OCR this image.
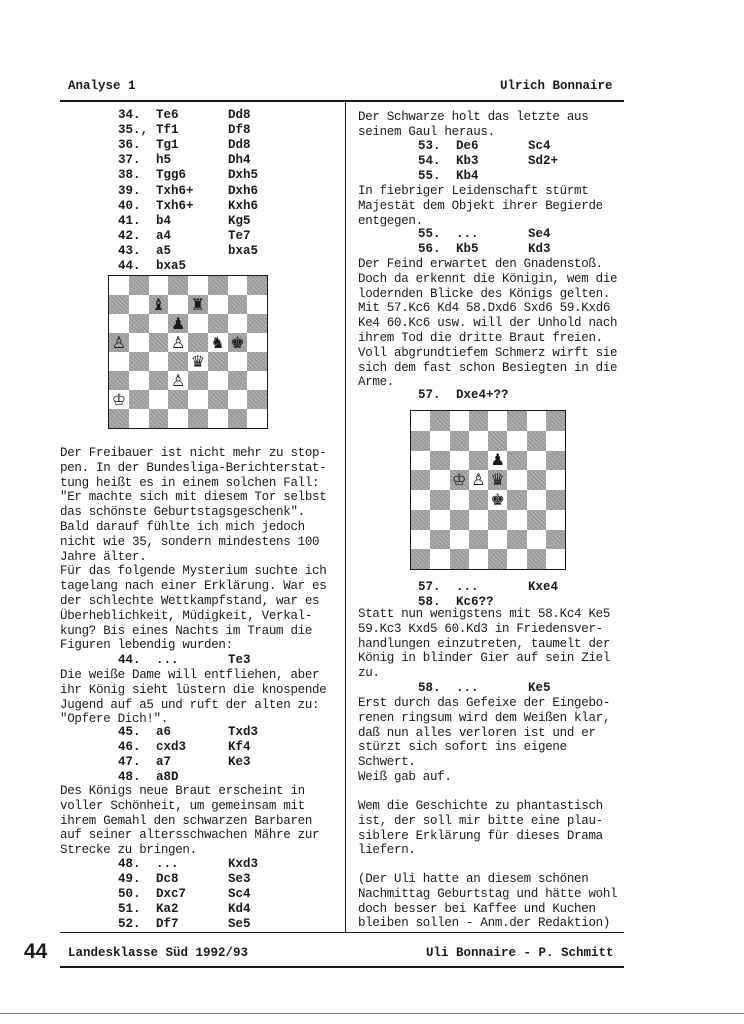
Analyse 1	Ulrich Bonnaire
34. Te6	Dd8
35., Tf1	Df8
36. Tg1	Dd8
37. h5	Dh4
38. Tgg6	Dxh5
39. Txh6+	Dxh6
40. Txh6+	Kxh6
41. b4	Kg5
42. a4	Te7
43. a5	bxa5
44. bxa5
♝ ♜
♟
♙	♙ ♞ ♚
♛
♙
♔
Der Freibauer ist nicht mehr zu stop-
pen. In der Bundesliga-Berichterstat-
tung heißt es in einem solchen Fall:
"Er machte sich mit diesem Tor selbst
das schönste Geburtstagsgeschenk".
Bald darauf fühlte ich mich jedoch
nicht wie 35, sondern mindestens 100
Jahre älter.
Für das folgende Mysterium suchte ich
tagelang nach einer Erklärung. War es
der schlechte Wettkampfstand, war es
Überheblichkeit, Müdigkeit, Verkal-
kung? Bis eines Nachts im Traum die
Figuren lebendig wurden:
44. ...	Te3
Die weiße Dame will entfliehen, aber
ihr König sieht lüstern die knospende
Jugend auf a5 und ruft der alten zu:
"Opfere Dich!".
45. a6	Txd3
46. cxd3	Kf4
47. a7	Ke3
48. a8D
Des Königs neue Braut erscheint in
voller Schönheit, um gemeinsam mit
ihrem Gemahl den schwarzen Barbaren
auf seiner altersschwachen Mähre zur
Strecke zu bringen.
48. ...	Kxd3
49. Dc8	Se3
50. Dxc7	Sc4
51. Ka2	Kd4
52. Df7	Se5
Der Schwarze holt das letzte aus
seinem Gaul heraus.
53. De6	Sc4
54. Kb3	Sd2+
55. Kb4
In fiebriger Leidenschaft stürmt
Majestät dem Objekt ihrer Begierde
entgegen.
55. ...	Se4
56. Kb5	Kd3
Der Feind erwartet den Gnadenstoß.
Doch da erkennt die Königin, wem die
lodernden Blicke des Königs gelten.
Mit 57.Kc6 Kd4 58.Dxd6 Sxd6 59.Kxd6
Ke4 60.Kc6 usw. will der Unhold nach
ihrem Tod die dritte Braut freien.
Voll abgrundtiefem Schmerz wirft sie
sich dem fast schon Besiegten in die
Arme.
57. Dxe4+??
♟
♔ ♙ ♛
♚
57. ...	Kxe4
58. Kc6??
Statt nun wenigstens mit 58.Kc4 Ke5
59.Kc3 Kxd5 60.Kd3 in Friedensver-
handlungen einzutreten, taumelt der
König in blinder Gier auf sein Ziel
zu.
58. ...	Ke5
Erst durch das Gefeixe der Eingebo-
renen ringsum wird dem Weißen klar,
daß nun alles verloren ist und er
stürzt sich sofort ins eigene
Schwert.
Weiß gab auf.
Wem die Geschichte zu phantastisch
ist, der soll mir bitte eine plau-
siblere Erklärung für dieses Drama
liefern.
(Der Uli hatte an diesem schönen
Nachmittag Geburtstag und hätte wohl
doch besser bei Kaffee und Kuchen
bleiben sollen - Anm.der Redaktion)
44 Landesklasse Süd 1992/93	Uli Bonnaire - P. Schmitt
